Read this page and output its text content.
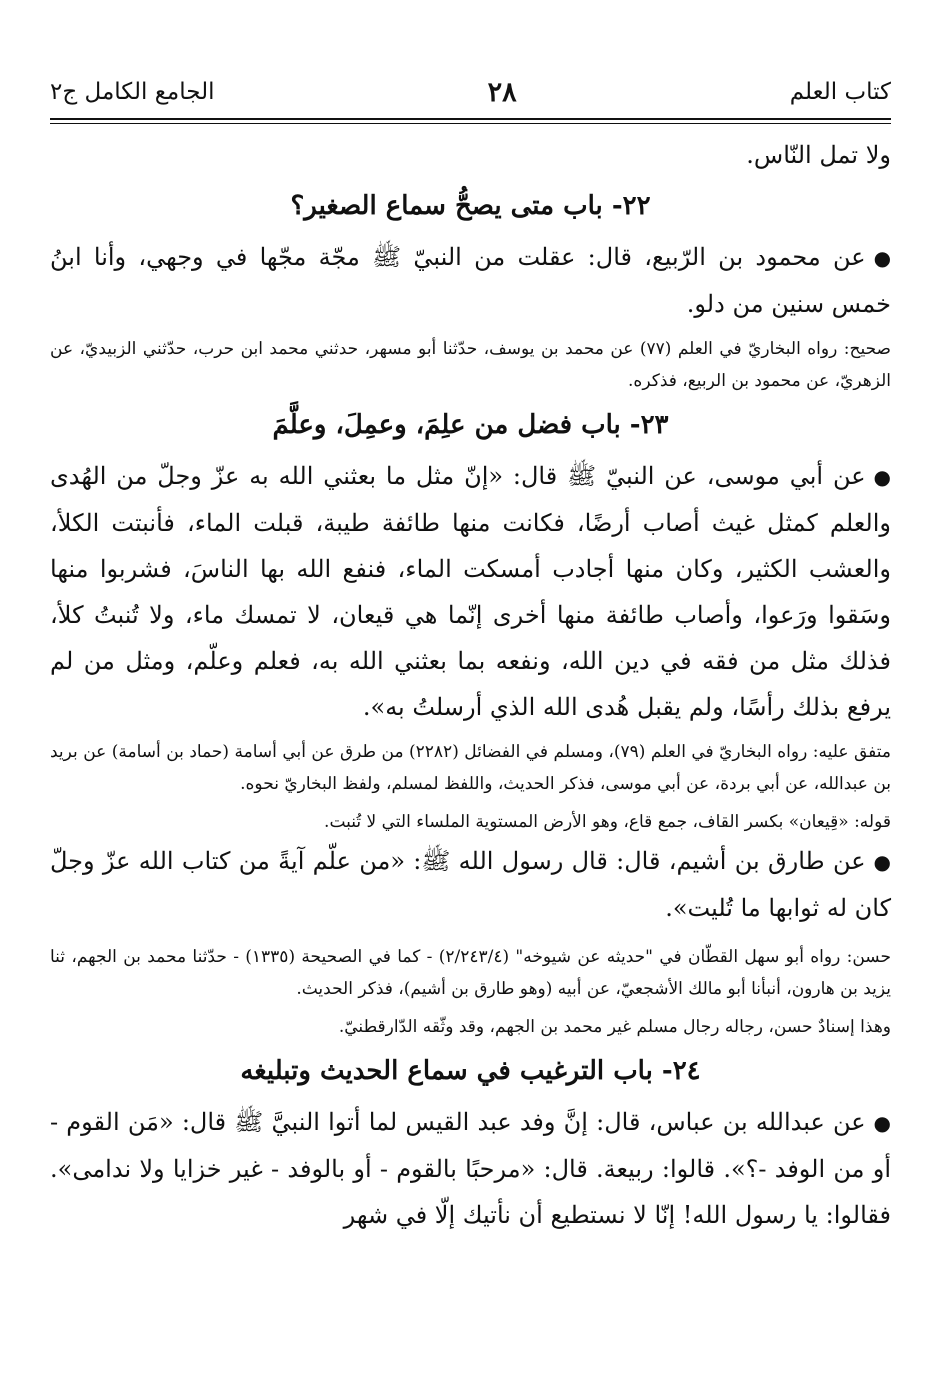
كتاب العلم
٢٨
الجامع الكامل ج٢

ولا تمل النّاس.

٢٢- باب متى يصحُّ سماع الصغير؟

●عن محمود بن الرّبيع، قال: عقلت من النبيّ ﷺ مجّة مجّها في وجهي، وأنا ابنُ خمس سنين من دلو.

صحيح: رواه البخاريّ في العلم (٧٧) عن محمد بن يوسف، حدّثنا أبو مسهر، حدثني محمد ابن حرب، حدّثني الزبيديّ، عن الزهريّ، عن محمود بن الربيع، فذكره.

٢٣- باب فضل من علِمَ، وعمِلَ، وعلَّمَ

●عن أبي موسى، عن النبيّ ﷺ قال: «إنّ مثل ما بعثني الله به عزّ وجلّ من الهُدى والعلم كمثل غيث أصاب أرضًا، فكانت منها طائفة طيبة، قبلت الماء، فأنبتت الكلأ، والعشب الكثير، وكان منها أجادب أمسكت الماء، فنفع الله بها الناسَ، فشربوا منها وسَقوا ورَعوا، وأصاب طائفة منها أخرى إنّما هي قيعان، لا تمسك ماء، ولا تُنبتُ كلأ، فذلك مثل من فقه في دين الله، ونفعه بما بعثني الله به، فعلم وعلّم، ومثل من لم يرفع بذلك رأسًا، ولم يقبل هُدى الله الذي أرسلتُ به».

متفق عليه: رواه البخاريّ في العلم (٧٩)، ومسلم في الفضائل (٢٢٨٢) من طرق عن أبي أسامة (حماد بن أسامة) عن بريد بن عبدالله، عن أبي بردة، عن أبي موسى، فذكر الحديث، واللفظ لمسلم، ولفظ البخاريّ نحوه.

قوله: «قِيعان» بكسر القاف، جمع قاع، وهو الأرض المستوية الملساء التي لا تُنبت.

●عن طارق بن أشيم، قال: قال رسول الله ﷺ: «من علّم آيةً من كتاب الله عزّ وجلّ كان له ثوابها ما تُليت».

حسن: رواه أبو سهل القطّان في "حديثه عن شيوخه" (٢/٢٤٣/٤) - كما في الصحيحة (١٣٣٥) - حدّثنا محمد بن الجهم، ثنا يزيد بن هارون، أنبأنا أبو مالك الأشجعيّ، عن أبيه (وهو طارق بن أشيم)، فذكر الحديث.

وهذا إسنادٌ حسن، رجاله رجال مسلم غير محمد بن الجهم، وقد وثّقه الدّارقطنيّ.

٢٤- باب الترغيب في سماع الحديث وتبليغه

●عن عبدالله بن عباس، قال: إنَّ وفد عبد القيس لما أتوا النبيَّ ﷺ قال: «مَن القوم - أو من الوفد -؟». قالوا: ربيعة. قال: «مرحبًا بالقوم - أو بالوفد - غير خزايا ولا ندامى». فقالوا: يا رسول الله! إنّا لا نستطيع أن نأتيك إلّا في شهر
